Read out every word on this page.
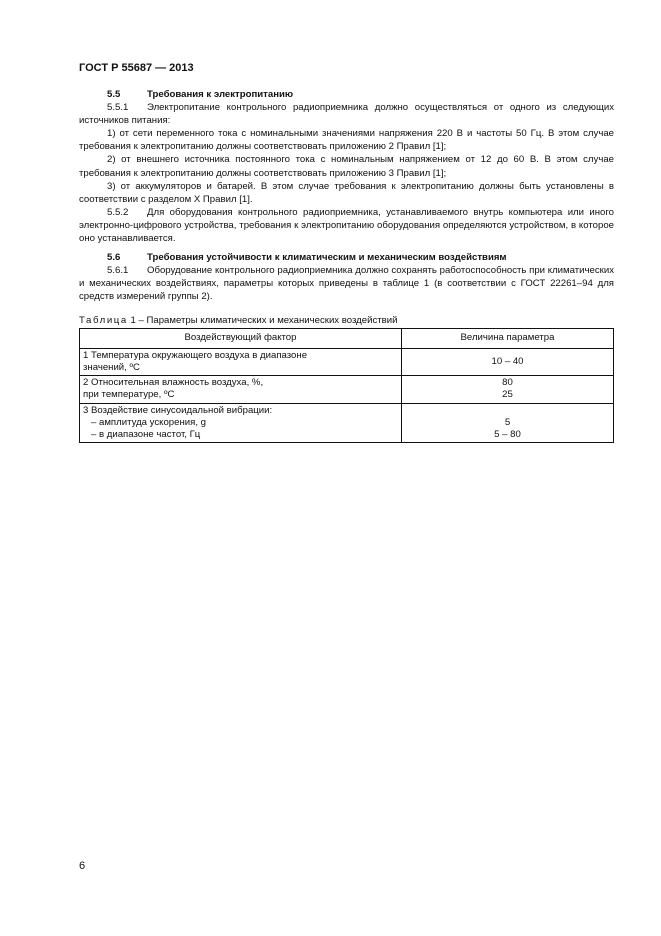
ГОСТ Р 55687 — 2013
5.5	Требования к электропитанию

5.5.1 Электропитание контрольного радиоприемника должно осуществляться от одного из следующих источников питания:

1) от сети переменного тока с номинальными значениями напряжения 220 В и частоты 50 Гц. В этом случае требования к электропитанию должны соответствовать приложению 2 Правил [1];

2) от внешнего источника постоянного тока с номинальным напряжением от 12 до 60 В. В этом случае требования к электропитанию должны соответствовать приложению 3 Правил [1];

3) от аккумуляторов и батарей. В этом случае требования к электропитанию должны быть установлены в соответствии с разделом X Правил [1].

5.5.2 Для оборудования контрольного радиоприемника, устанавливаемого внутрь компьютера или иного электронно-цифрового устройства, требования к электропитанию оборудования определяются устройством, в которое оно устанавливается.

5.6	Требования устойчивости к климатическим и механическим воздействиям

5.6.1 Оборудование контрольного радиоприемника должно сохранять работоспособность при климатических и механических воздействиях, параметры которых приведены в таблице 1 (в соответствии с ГОСТ 22261–94 для средств измерений группы 2).

Таблица 1 – Параметры климатических и механических воздействий
Воздействующий фактор	Величина параметра

1 Температура окружающего воздуха в диапазоне
значений, ºС	10 – 40

2 Относительная влажность воздуха, %,
при температуре, ºС	80
25

3 Воздействие синусоидальной вибрации:
– амплитуда ускорения, g
– в диапазоне частот, Гц	5
5 – 80
6
